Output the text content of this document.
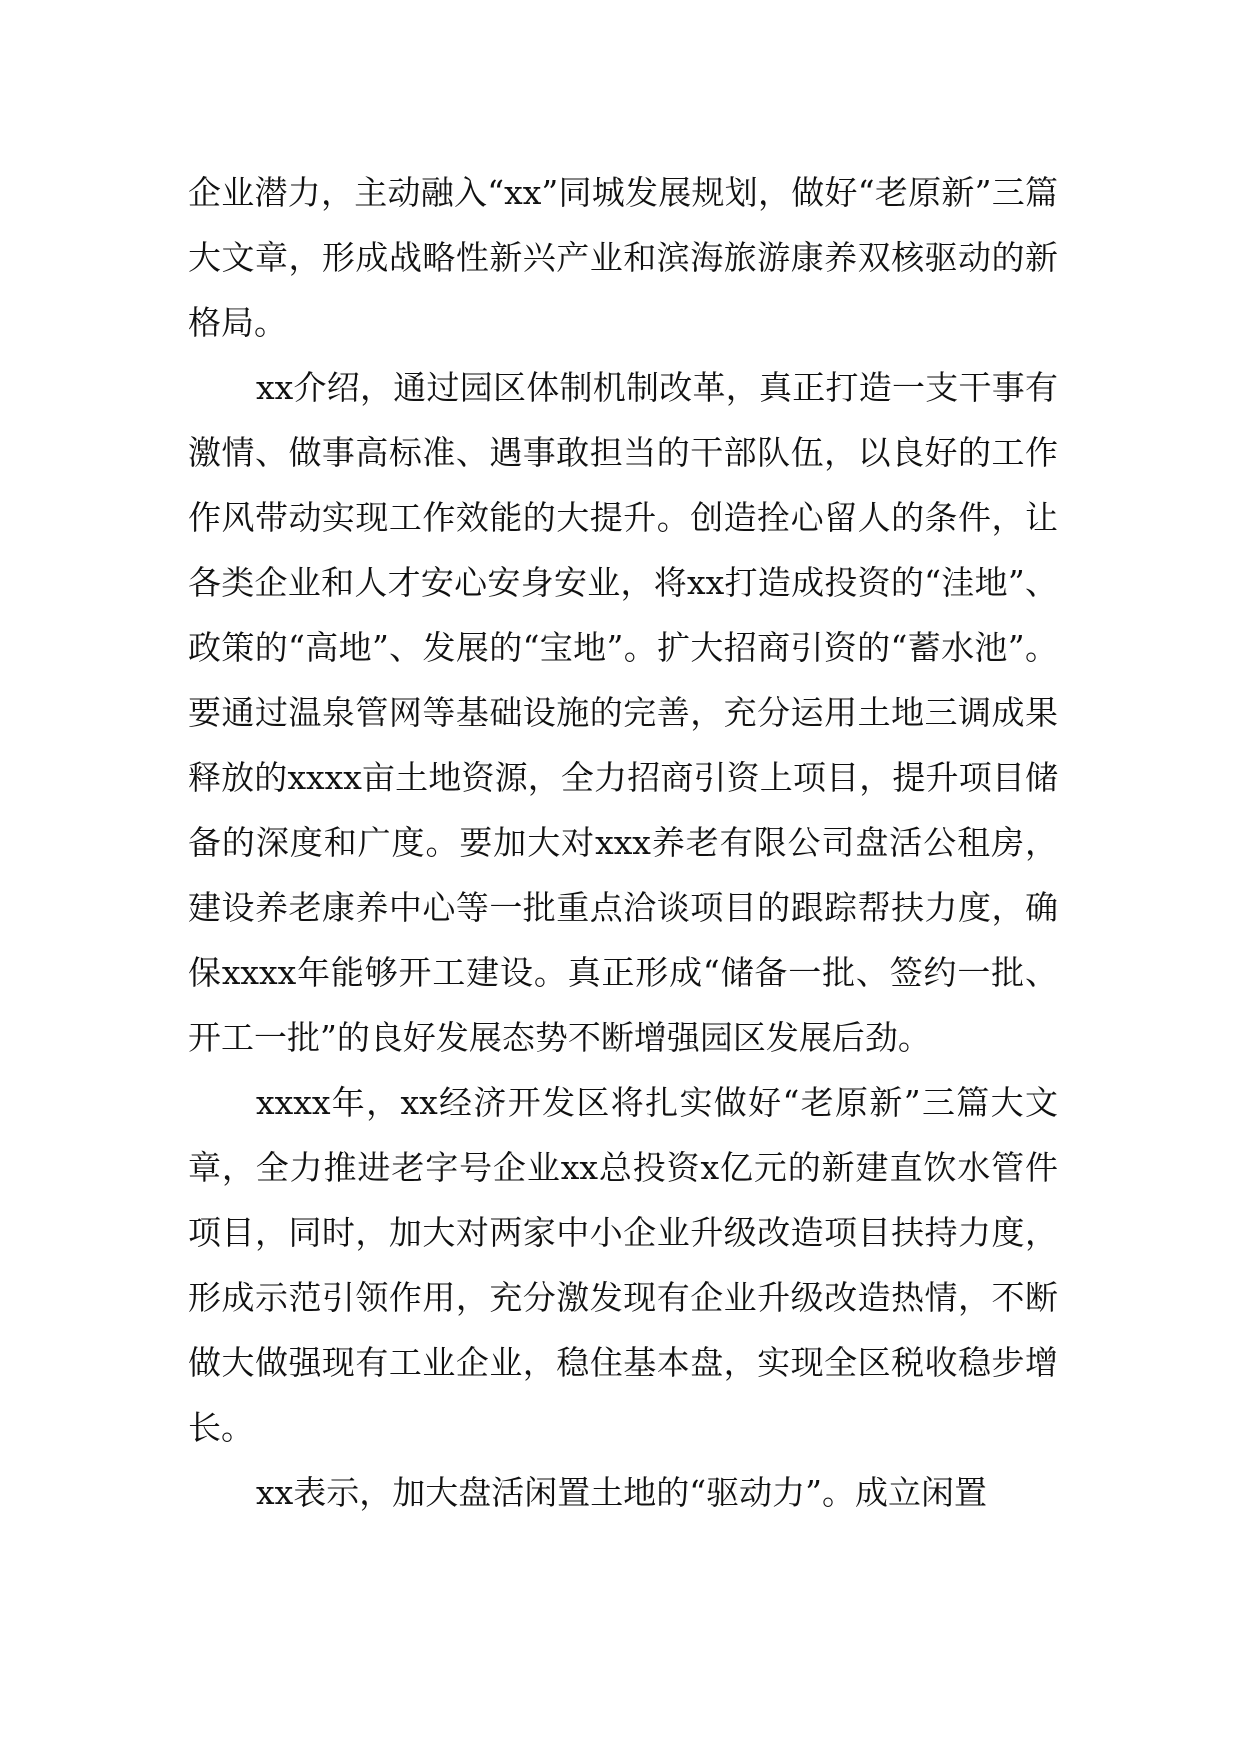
企业潜力，主动融入“xx”同城发展规划，做好“老原新”三篇大文章，形成战略性新兴产业和滨海旅游康养双核驱动的新格局。

xx介绍，通过园区体制机制改革，真正打造一支干事有激情、做事高标准、遇事敢担当的干部队伍，以良好的工作作风带动实现工作效能的大提升。创造拴心留人的条件，让各类企业和人才安心安身安业，将xx打造成投资的“洼地”、政策的“高地”、发展的“宝地”。扩大招商引资的“蓄水池”。要通过温泉管网等基础设施的完善，充分运用土地三调成果释放的xxxx亩土地资源，全力招商引资上项目，提升项目储备的深度和广度。要加大对xxx养老有限公司盘活公租房，建设养老康养中心等一批重点洽谈项目的跟踪帮扶力度，确保xxxx年能够开工建设。真正形成“储备一批、签约一批、开工一批”的良好发展态势不断增强园区发展后劲。

xxxx年，xx经济开发区将扎实做好“老原新”三篇大文章，全力推进老字号企业xx总投资x亿元的新建直饮水管件项目，同时，加大对两家中小企业升级改造项目扶持力度，形成示范引领作用，充分激发现有企业升级改造热情，不断做大做强现有工业企业，稳住基本盘，实现全区税收稳步增长。

xx表示，加大盘活闲置土地的“驱动力”。成立闲置
